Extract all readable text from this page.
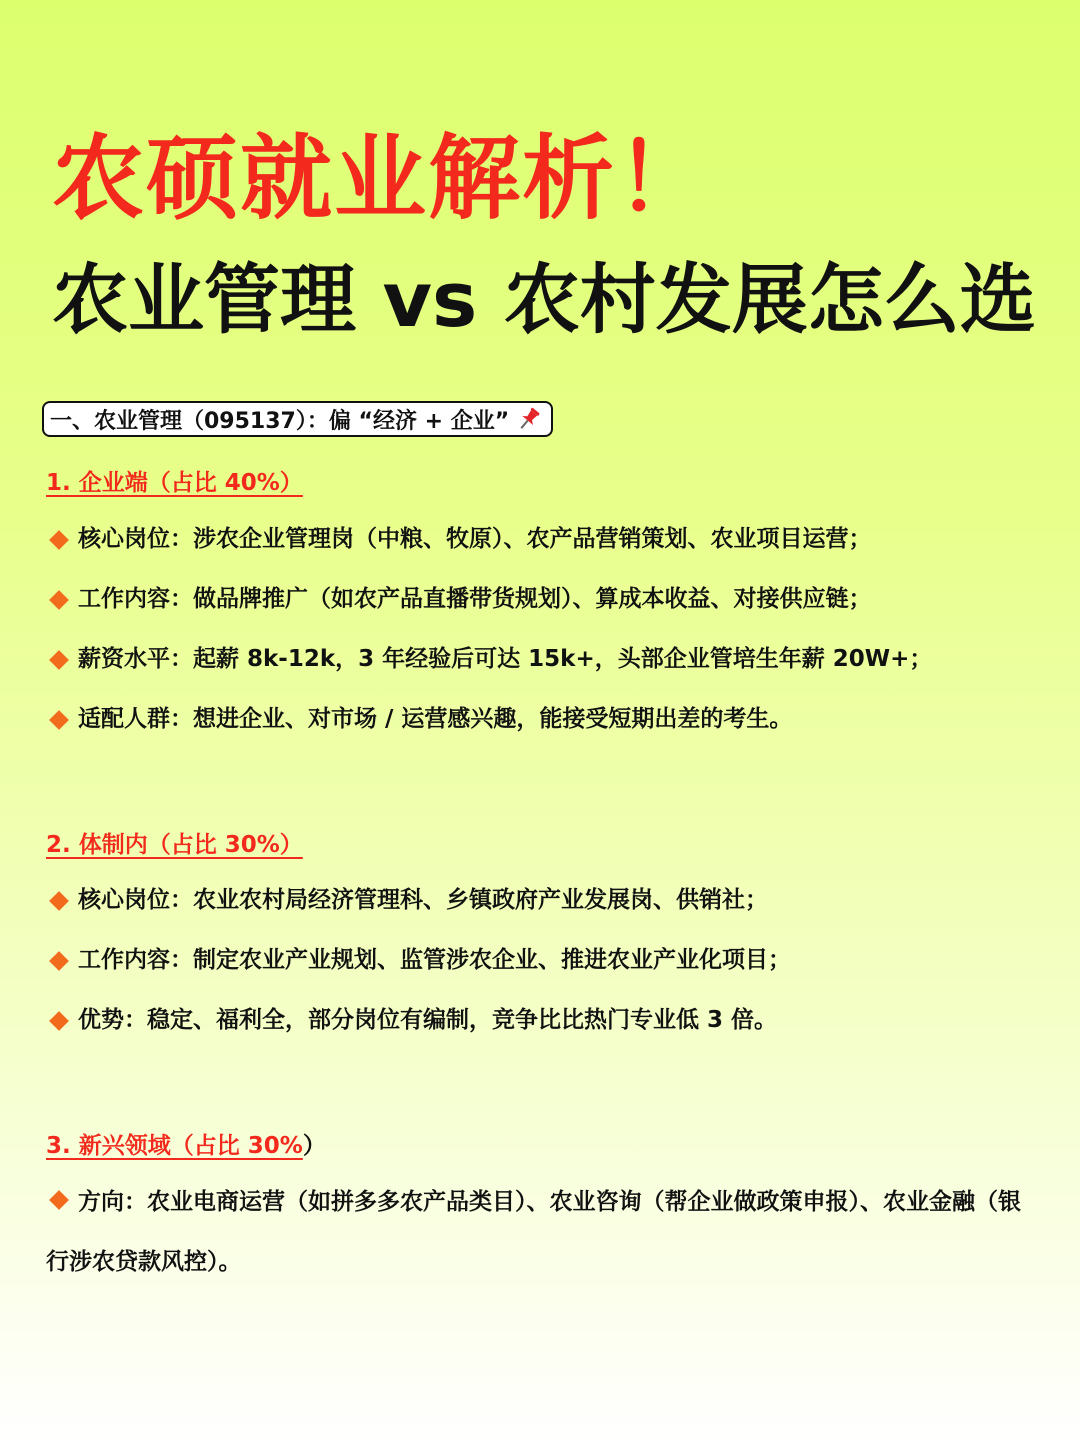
农硕就业解析！
农业管理 vs 农村发展怎么选
一、农业管理（095137）：偏 “经济 + 企业”
1. 企业端（占比 40%）
核心岗位：涉农企业管理岗（中粮、牧原）、农产品营销策划、农业项目运营；
工作内容：做品牌推广（如农产品直播带货规划）、算成本收益、对接供应链；
薪资水平：起薪 8k-12k，3 年经验后可达 15k+，头部企业管培生年薪 20W+；
适配人群：想进企业、对市场 / 运营感兴趣，能接受短期出差的考生。
2. 体制内（占比 30%）
核心岗位：农业农村局经济管理科、乡镇政府产业发展岗、供销社；
工作内容：制定农业产业规划、监管涉农企业、推进农业产业化项目；
优势：稳定、福利全，部分岗位有编制，竞争比比热门专业低 3 倍。
3. 新兴领域（占比 30%）
方向：农业电商运营（如拼多多农产品类目）、农业咨询（帮企业做政策申报）、农业金融（银行涉农贷款风控）。
